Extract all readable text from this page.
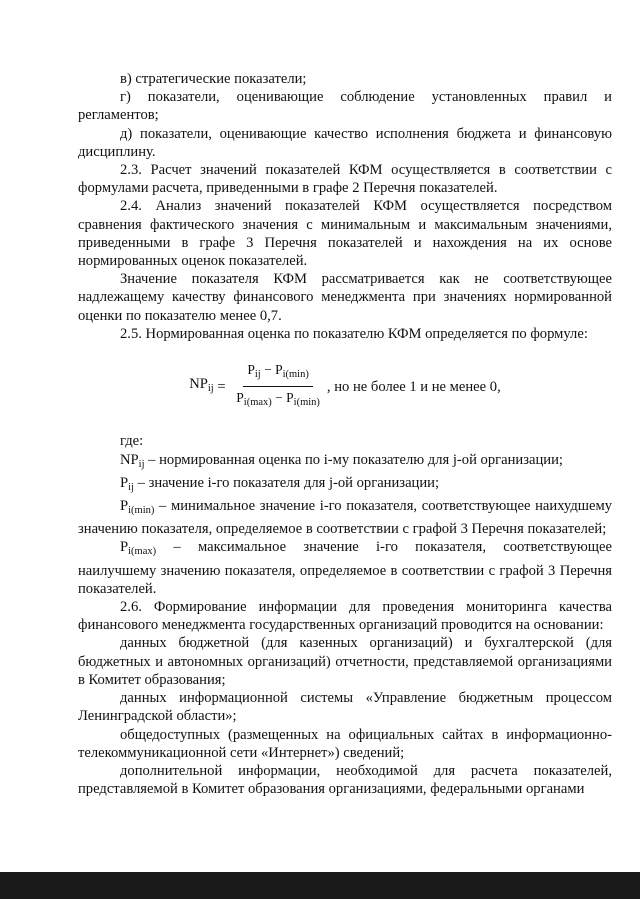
в) стратегические показатели;

г) показатели, оценивающие соблюдение установленных правил и регламентов;

д) показатели, оценивающие качество исполнения бюджета и финансовую дисциплину.

2.3. Расчет значений показателей КФМ осуществляется в соответствии с формулами расчета, приведенными в графе 2 Перечня показателей.

2.4. Анализ значений показателей КФМ осуществляется посредством сравнения фактического значения с минимальным и максимальным значениями, приведенными в графе 3 Перечня показателей и нахождения на их основе нормированных оценок показателей.

Значение показателя КФМ рассматривается как не соответствующее надлежащему качеству финансового менеджмента при значениях нормированной оценки по показателю менее 0,7.

2.5. Нормированная оценка по показателю КФМ определяется по формуле:

$NP_{ij} = \frac{P_{ij} - P_{i(min)}}{P_{i(max)} - P_{i(min)}}$ , но не более 1 и не менее 0,

где:

$NP_{ij}$ – нормированная оценка по i-му показателю для j-ой организации;

$P_{ij}$ – значение i-го показателя для j-ой организации;

$P_{i(min)}$ – минимальное значение i-го показателя, соответствующее наихудшему значению показателя, определяемое в соответствии с графой 3 Перечня показателей;

$P_{i(max)}$ – максимальное значение i-го показателя, соответствующее наилучшему значению показателя, определяемое в соответствии с графой 3 Перечня показателей.

2.6. Формирование информации для проведения мониторинга качества финансового менеджмента государственных организаций проводится на основании:

данных бюджетной (для казенных организаций) и бухгалтерской (для бюджетных и автономных организаций) отчетности, представляемой организациями в Комитет образования;

данных информационной системы «Управление бюджетным процессом Ленинградской области»;

общедоступных (размещенных на официальных сайтах в информационно-телекоммуникационной сети «Интернет») сведений;

дополнительной информации, необходимой для расчета показателей, представляемой в Комитет образования организациями, федеральными органами
